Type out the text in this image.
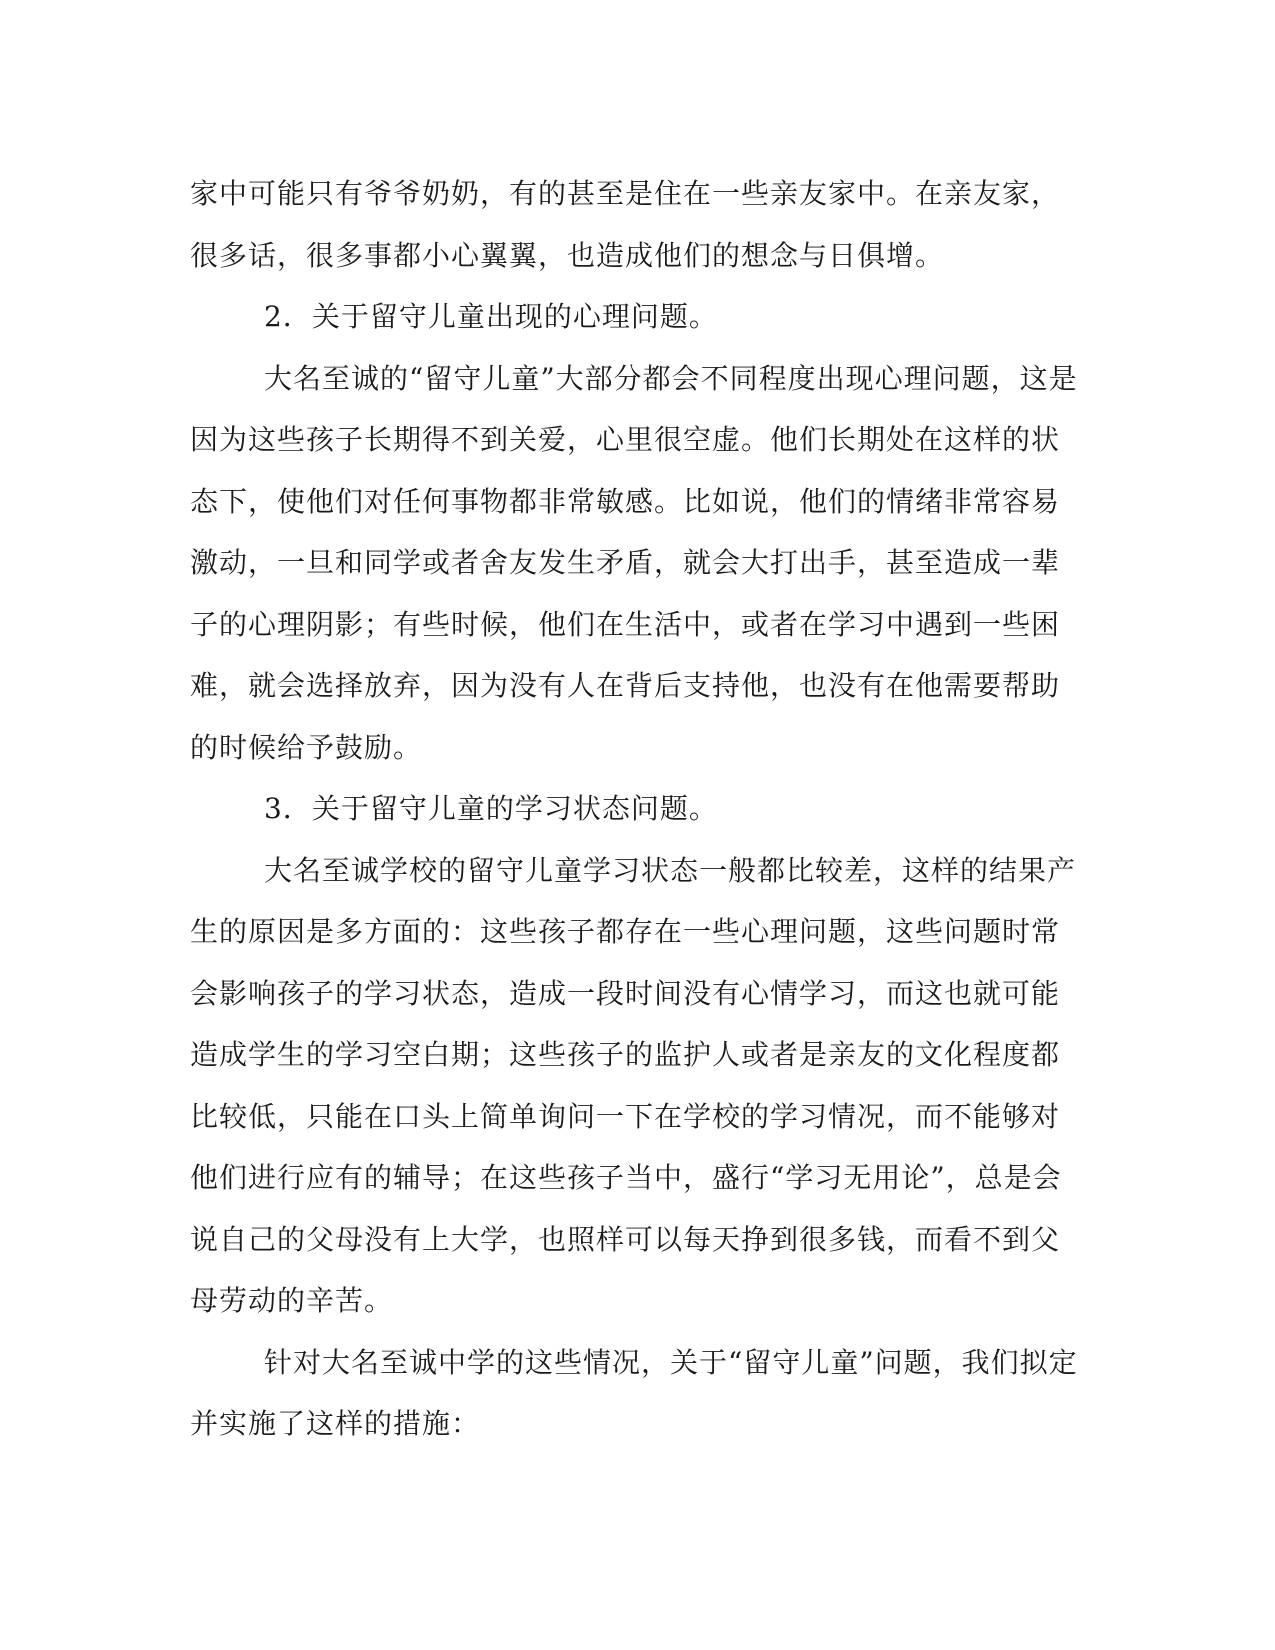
家中可能只有爷爷奶奶，有的甚至是住在一些亲友家中。在亲友家，
很多话，很多事都小心翼翼，也造成他们的想念与日俱增。
2．关于留守儿童出现的心理问题。
大名至诚的“留守儿童”大部分都会不同程度出现心理问题，这是
因为这些孩子长期得不到关爱，心里很空虚。他们长期处在这样的状
态下，使他们对任何事物都非常敏感。比如说，他们的情绪非常容易
激动，一旦和同学或者舍友发生矛盾，就会大打出手，甚至造成一辈
子的心理阴影；有些时候，他们在生活中，或者在学习中遇到一些困
难，就会选择放弃，因为没有人在背后支持他，也没有在他需要帮助
的时候给予鼓励。
3．关于留守儿童的学习状态问题。
大名至诚学校的留守儿童学习状态一般都比较差，这样的结果产
生的原因是多方面的：这些孩子都存在一些心理问题，这些问题时常
会影响孩子的学习状态，造成一段时间没有心情学习，而这也就可能
造成学生的学习空白期；这些孩子的监护人或者是亲友的文化程度都
比较低，只能在口头上简单询问一下在学校的学习情况，而不能够对
他们进行应有的辅导；在这些孩子当中，盛行“学习无用论”，总是会
说自己的父母没有上大学，也照样可以每天挣到很多钱，而看不到父
母劳动的辛苦。
针对大名至诚中学的这些情况，关于“留守儿童”问题，我们拟定
并实施了这样的措施：
